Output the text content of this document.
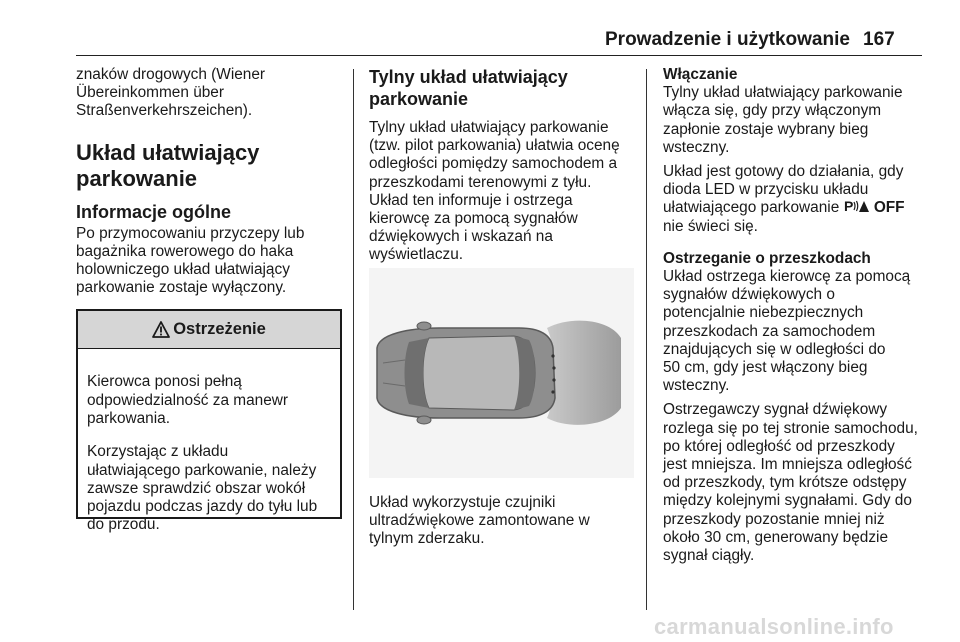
Prowadzenie i użytkowanie 167

znaków drogowych (Wiener
Übereinkommen über
Straßenverkehrszeichen).

Układ ułatwiający
parkowanie
Informacje ogólne

Po przymocowaniu przyczepy lub
bagażnika rowerowego do haka
holowniczego układ ułatwiający
parkowanie zostaje wyłączony.

Ostrzeżenie

Kierowca ponosi pełną
odpowiedzialność za manewr
parkowania.

Korzystając z układu
ułatwiającego parkowanie, należy
zawsze sprawdzić obszar wokół
pojazdu podczas jazdy do tyłu lub
do przodu.

Tylny układ ułatwiający
parkowanie

Tylny układ ułatwiający parkowanie
(tzw. pilot parkowania) ułatwia ocenę
odległości pomiędzy samochodem a
przeszkodami terenowymi z tyłu.
Układ ten informuje i ostrzega
kierowcę za pomocą sygnałów
dźwiękowych i wskazań na
wyświetlaczu.

Układ wykorzystuje czujniki
ultradźwiękowe zamontowane w
tylnym zderzaku.
Włączanie

Tylny układ ułatwiający parkowanie
włącza się, gdy przy włączonym
zapłonie zostaje wybrany bieg
wsteczny.

Układ jest gotowy do działania, gdy
dioda LED w przycisku układu
ułatwiającego parkowanie P OFF
nie świeci się.

Ostrzeganie o przeszkodach

Układ ostrzega kierowcę za pomocą
sygnałów dźwiękowych o
potencjalnie niebezpiecznych
przeszkodach za samochodem
znajdujących się w odległości do
50 cm, gdy jest włączony bieg
wsteczny.

Ostrzegawczy sygnał dźwiękowy
rozlega się po tej stronie samochodu,
po której odległość od przeszkody
jest mniejsza. Im mniejsza odległość
od przeszkody, tym krótsze odstępy
między kolejnymi sygnałami. Gdy do
przeszkody pozostanie mniej niż
około 30 cm, generowany będzie
sygnał ciągły.

carmanualsonline.info
